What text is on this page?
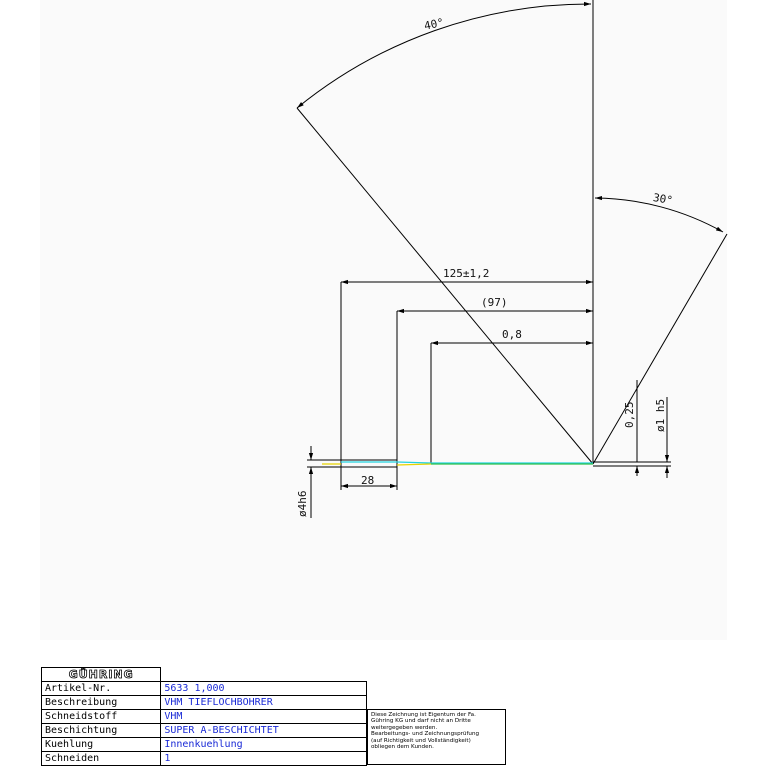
40°
30°
125±1,2
(97)
0,8
28
ø4h6
0,25 ø1 h5
GÜHRING	
Artikel-Nr.	5633 1,000
Beschreibung	VHM TIEFLOCHBOHRER
Schneidstoff	VHM
Beschichtung	SUPER A-BESCHICHTET
Kuehlung	Innenkuehlung
Schneiden	1
Diese Zeichnung ist Eigentum der Fa.
Gühring KG und darf nicht an Dritte
weitergegeben werden.
Bearbeitungs- und Zeichnungsprüfung
(auf Richtigkeit und Vollständigkeit)
obliegen dem Kunden.
